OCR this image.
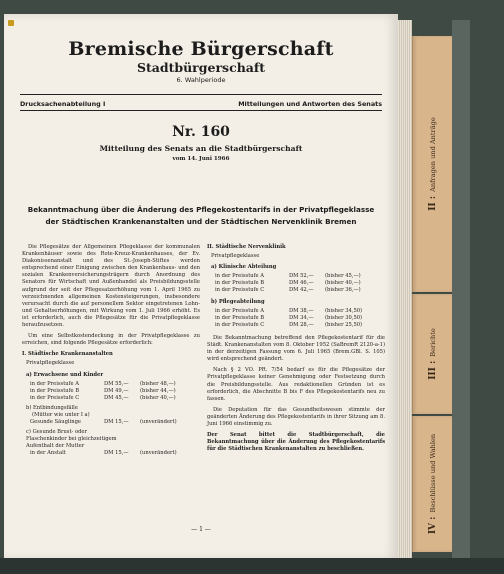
Bremische Bürgerschaft
Stadtbürgerschaft
6. Wahlperiode
Drucksachenabteilung I	Mitteilungen und Antworten des Senats
Nr. 160
Mitteilung des Senats an die Stadtbürgerschaft
vom 14. Juni 1966
Bekanntmachung über die Änderung des Pflegekostentarifs in der Privatpflegeklasse
der Städtischen Krankenanstalten und der Städtischen Nervenklinik Bremen

Die Pflegesätze der Allgemeinen Pflegeklasse der kommunalen Krankenhäuser sowie des Rote-Kreuz-Krankenhauses, der Ev. Diakonissenanstalt und des St.-Joseph-Stiftes werden entsprechend einer Einigung zwischen den Krankenhaus- und den sozialen Krankenversicherungsträgern durch Anordnung des Senators für Wirtschaft und Außenhandel als Preisbildungsstelle aufgrund der seit der Pflegesatzerhöhung vom 1. April 1965 zu verzeichnenden allgemeinen Kostensteigerungen, insbesondere verursacht durch die auf personellem Sektor eingetretenen Lohn- und Gehaltserhöhungen, mit Wirkung vom 1. Juli 1966 erhöht. Es ist erforderlich, auch die Pflegesätze für die Privatpflegeklasse heraufzusetzen.

Um eine Selbstkostendeckung in der Privatpflegeklasse zu erreichen, sind folgende Pflegesätze erforderlich:

I. Städtische Krankenanstalten
Privatpflegeklasse
a) Erwachsene und Kinder
in der Preisstufe A	DM 55,—	(bisher 48,—)
in der Preisstufe B	DM 49,—	(bisher 44,—)
in der Preisstufe C	DM 45,—	(bisher 40,—)
b) Entbindungsfälle
(Mütter wie unter I a)
Gesunde Säuglinge	DM 15,—	(unverändert)
c) Gesunde Brust- oder Flaschenkinder bei gleichzeitigem Aufenthalt der Mutter
in der Anstalt	DM 15,—	(unverändert)
II. Städtische Nervenklinik
Privatpflegeklasse
a) Klinische Abteilung
in der Preisstufe A	DM 52,—	(bisher 45,—)
in der Preisstufe B	DM 46,—	(bisher 40,—)
in der Preisstufe C	DM 42,—	(bisher 36,—)
b) Pflegeabteilung
in der Preisstufe A	DM 38,—	(bisher 34,50)
in der Preisstufe B	DM 34,—	(bisher 30,50)
in der Preisstufe C	DM 28,—	(bisher 25,50)

Die Bekanntmachung betreffend den Pflegekostentarif für die Städt. Krankenanstalten vom 8. Oktober 1952 (SaBremR 2120-a-1) in der derzeitigen Fassung vom 6. Juli 1965 (Brem.GBl. S. 105) wird entsprechend geändert.

Nach § 2 VO. PR. 7/54 bedarf es für die Pflegesätze der Privatpflegeklasse keiner Genehmigung oder Festsetzung durch die Preisbildungsstelle. Aus redaktionellen Gründen ist es erforderlich, die Abschnitte B bis F des Pflegekostentarifs neu zu fassen.

Die Deputation für das Gesundheitswesen stimmte der geänderten Änderung des Pflegekostentarifs in ihrer Sitzung am 8. Juni 1966 einstimmig zu.

Der Senat bittet die Stadtbürgerschaft, die Bekanntmachung über die Änderung des Pflegekostentarifs für die Städtischen Krankenanstalten zu beschließen.

— 1 —
II :Anfragen und Anträge
III :Berichte
IV :Beschlüsse und Wahlen
